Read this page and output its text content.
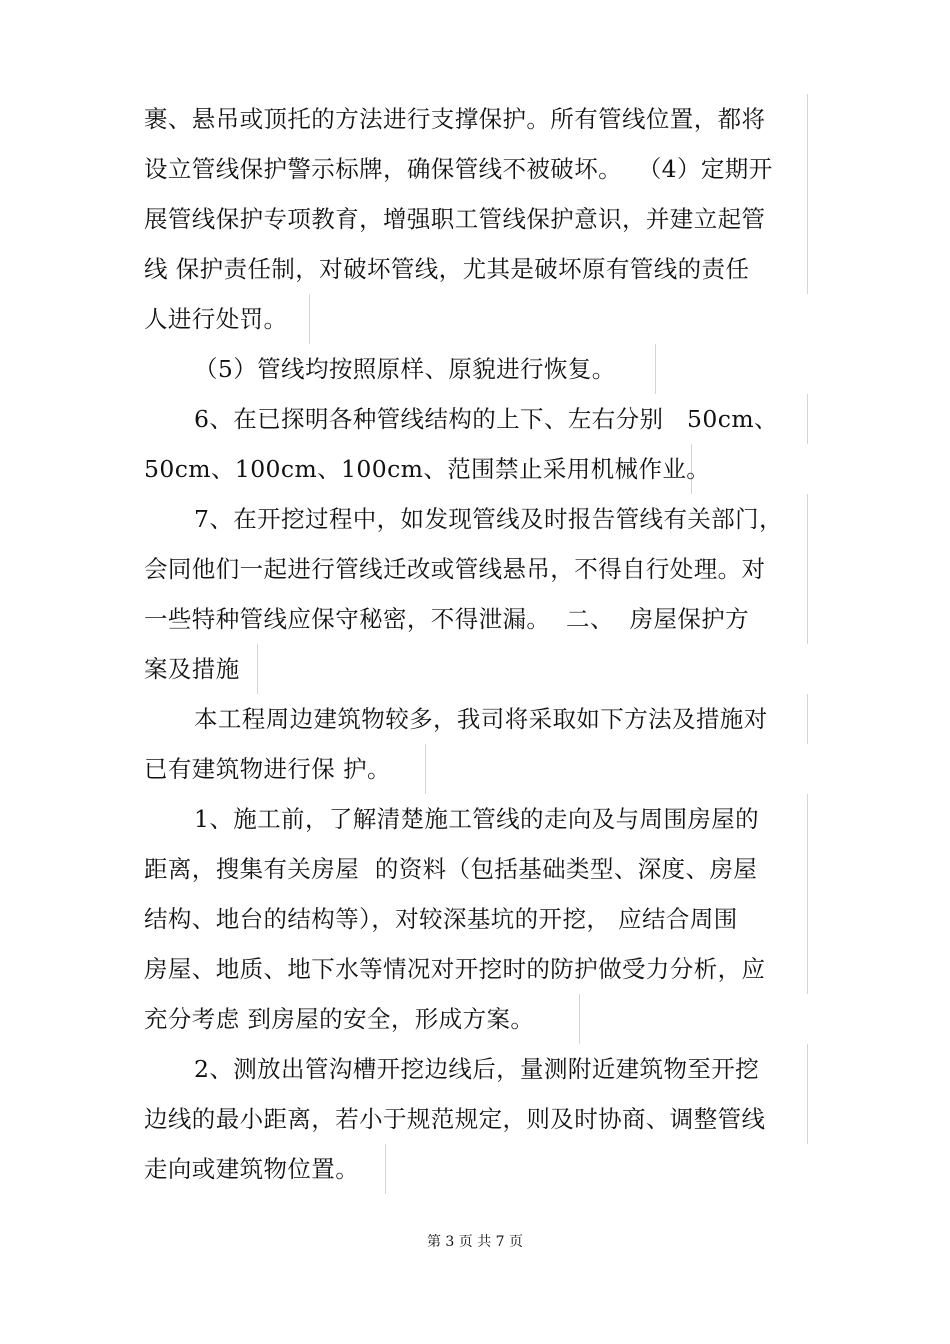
裹、悬吊或顶托的方法进行支撑保护。所有管线位置，都将
设立管线保护警示标牌，确保管线不被破坏。  （4）定期开
展管线保护专项教育，增强职工管线保护意识，并建立起管
线 保护责任制，对破坏管线，尤其是破坏原有管线的责任
人进行处罚。
（5）管线均按照原样、原貌进行恢复。
6、在已探明各种管线结构的上下、左右分别   50cm、
50cm、100cm、100cm、范围禁止采用机械作业。
7、在开挖过程中，如发现管线及时报告管线有关部门，
会同他们一起进行管线迁改或管线悬吊，不得自行处理。对
一些特种管线应保守秘密，不得泄漏。  二、  房屋保护方
案及措施
本工程周边建筑物较多，我司将采取如下方法及措施对
已有建筑物进行保 护。
1、施工前，了解清楚施工管线的走向及与周围房屋的
距离，搜集有关房屋  的资料（包括基础类型、深度、房屋
结构、地台的结构等），对较深基坑的开挖， 应结合周围
房屋、地质、地下水等情况对开挖时的防护做受力分析，应
充分考虑 到房屋的安全，形成方案。
2、测放出管沟槽开挖边线后，量测附近建筑物至开挖
边线的最小距离，若小于规范规定，则及时协商、调整管线
走向或建筑物位置。
第 3 页 共 7 页
